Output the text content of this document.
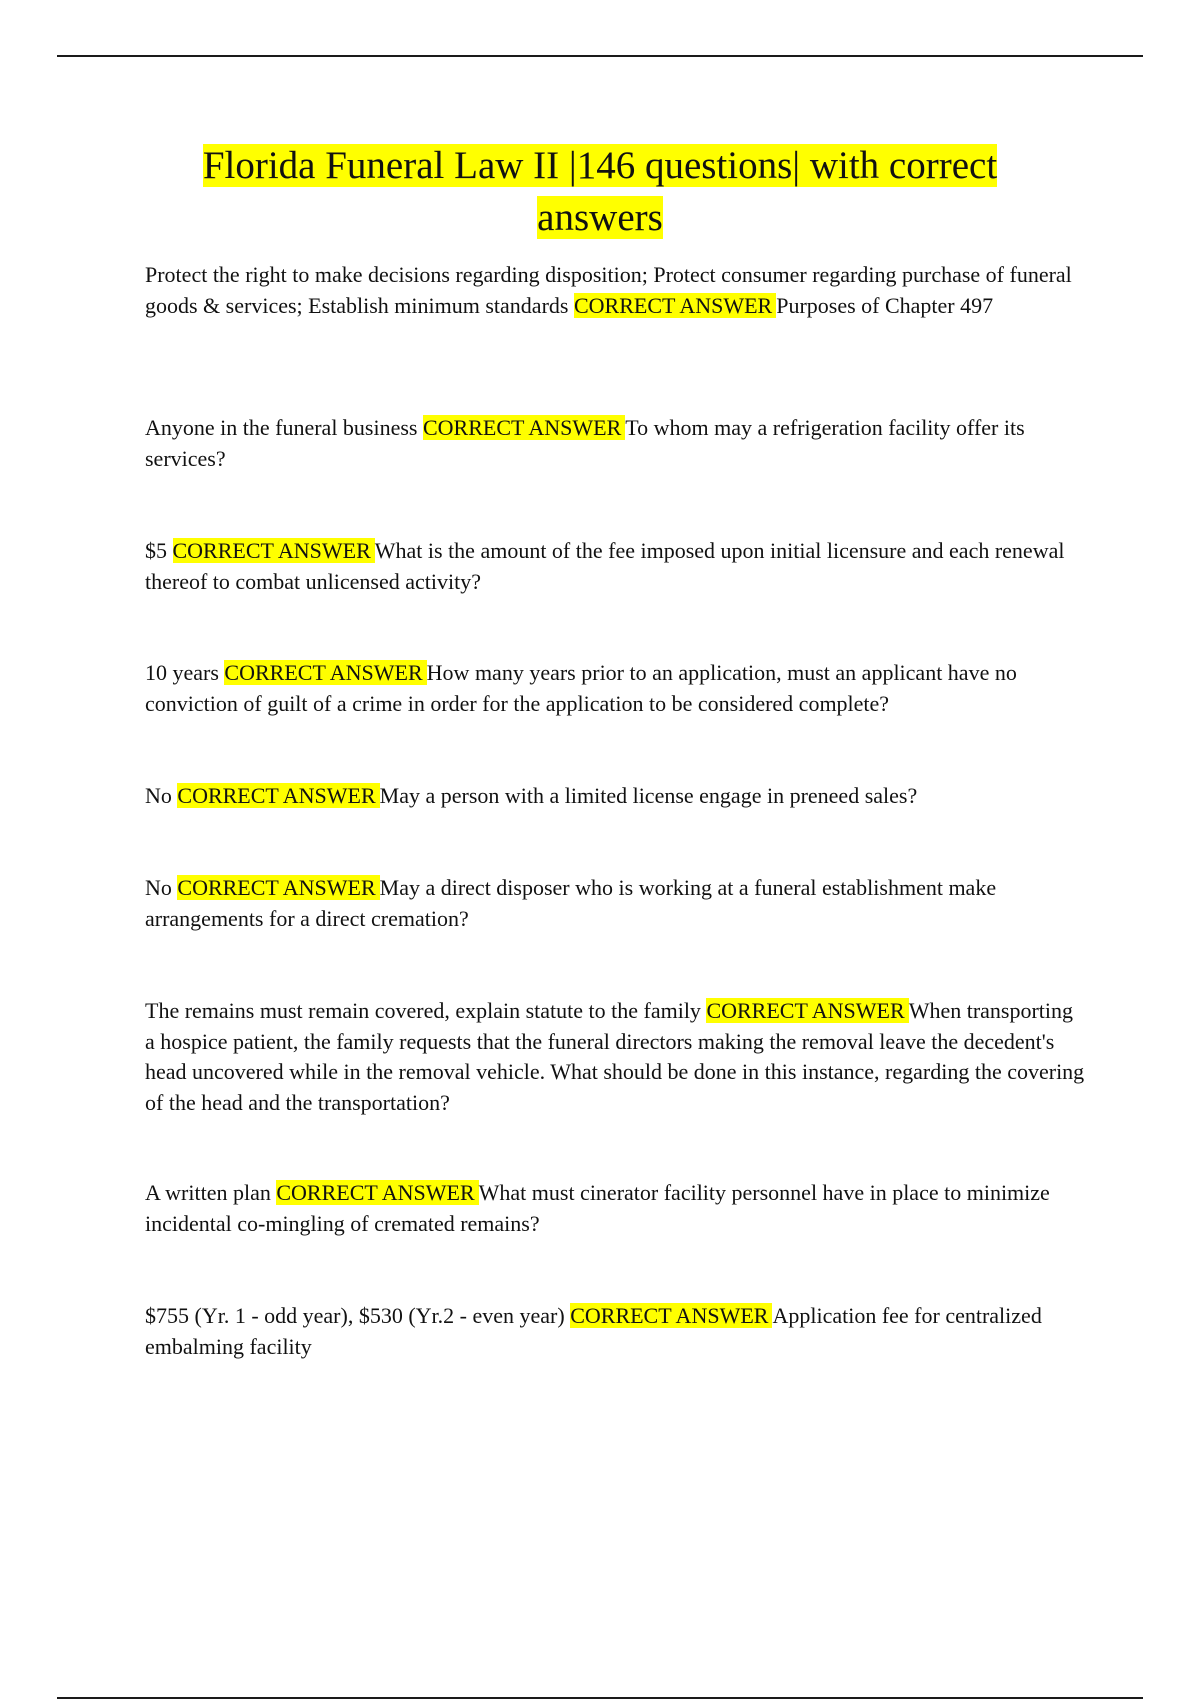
Florida Funeral Law II |146 questions| with correct answers

Protect the right to make decisions regarding disposition; Protect consumer regarding purchase of funeral goods & services; Establish minimum standards CORRECT ANSWER Purposes of Chapter 497

Anyone in the funeral business CORRECT ANSWER To whom may a refrigeration facility offer its services?

$5 CORRECT ANSWER What is the amount of the fee imposed upon initial licensure and each renewal thereof to combat unlicensed activity?

10 years CORRECT ANSWER How many years prior to an application, must an applicant have no conviction of guilt of a crime in order for the application to be considered complete?

No CORRECT ANSWER May a person with a limited license engage in preneed sales?

No CORRECT ANSWER May a direct disposer who is working at a funeral establishment make arrangements for a direct cremation?

The remains must remain covered, explain statute to the family CORRECT ANSWER When transporting a hospice patient, the family requests that the funeral directors making the removal leave the decedent's head uncovered while in the removal vehicle. What should be done in this instance, regarding the covering of the head and the transportation?

A written plan CORRECT ANSWER What must cinerator facility personnel have in place to minimize incidental co-mingling of cremated remains?

$755 (Yr. 1 - odd year), $530 (Yr.2 - even year) CORRECT ANSWER Application fee for centralized embalming facility
